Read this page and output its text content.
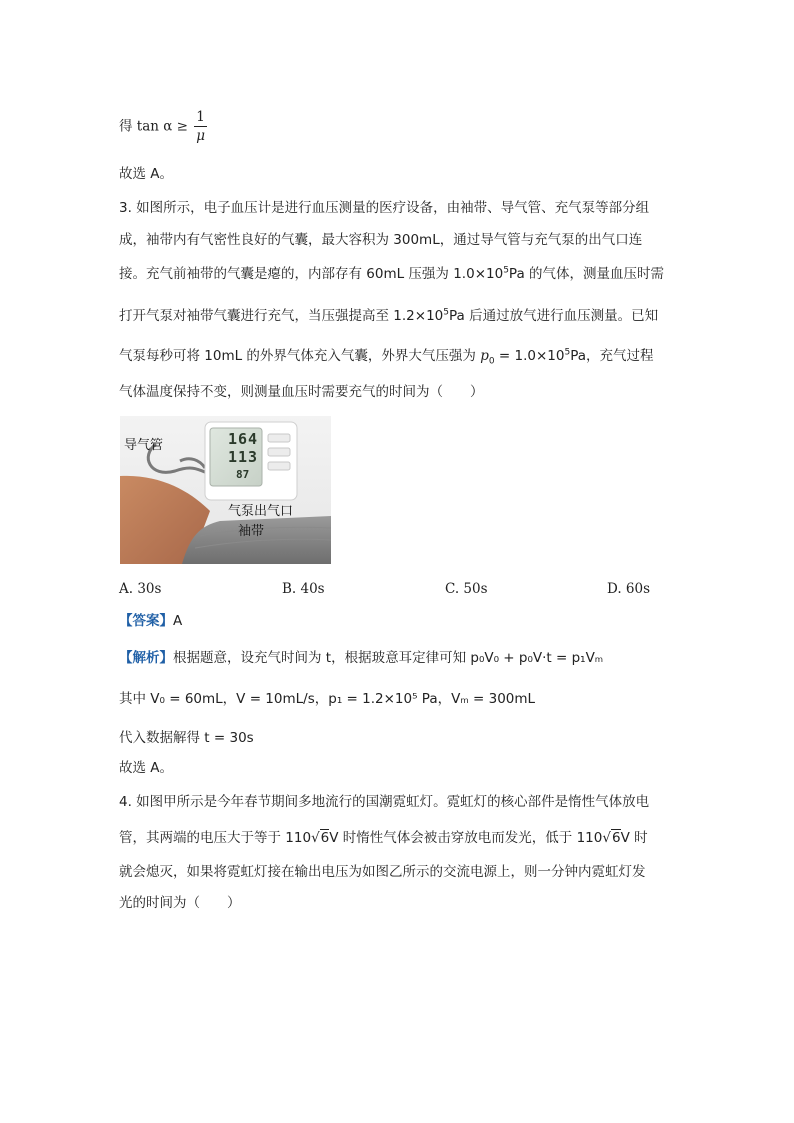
得 $\tan \alpha \ge \frac{1}{\mu}$
故选 A。
3. 如图所示，电子血压计是进行血压测量的医疗设备，由袖带、导气管、充气泵等部分组
成，袖带内有气密性良好的气囊，最大容积为 300mL，通过导气管与充气泵的出气口连
接。充气前袖带的气囊是瘪的，内部存有 60mL 压强为 $1.0\times 10^5Pa$ 的气体，测量血压时需
打开气泵对袖带气囊进行充气，当压强提高至 $1.2\times 10^5Pa$ 后通过放气进行血压测量。已知
气泵每秒可将 10mL 的外界气体充入气囊，外界大气压强为 $p_0 = 1.0\times 10^5Pa$，充气过程
气体温度保持不变，则测量血压时需要充气的时间为（　　）
164
113
87
导气管
气泵出气口
袖带
A. 30s	B. 40s	C. 50s	D. 60s
【答案】A
【解析】根据题意，设充气时间为 t，根据玻意耳定律可知 p₀V₀ + p₀V·t = p₁Vₘ
其中 V₀ = 60mL，V = 10mL/s，p₁ = 1.2×10⁵ Pa，Vₘ = 300mL
代入数据解得 t = 30s
故选 A。
4. 如图甲所示是今年春节期间多地流行的国潮霓虹灯。霓虹灯的核心部件是惰性气体放电
管，其两端的电压大于等于 110√6V 时惰性气体会被击穿放电而发光，低于 110√6V 时
就会熄灭，如果将霓虹灯接在输出电压为如图乙所示的交流电源上，则一分钟内霓虹灯发
光的时间为（　　）
